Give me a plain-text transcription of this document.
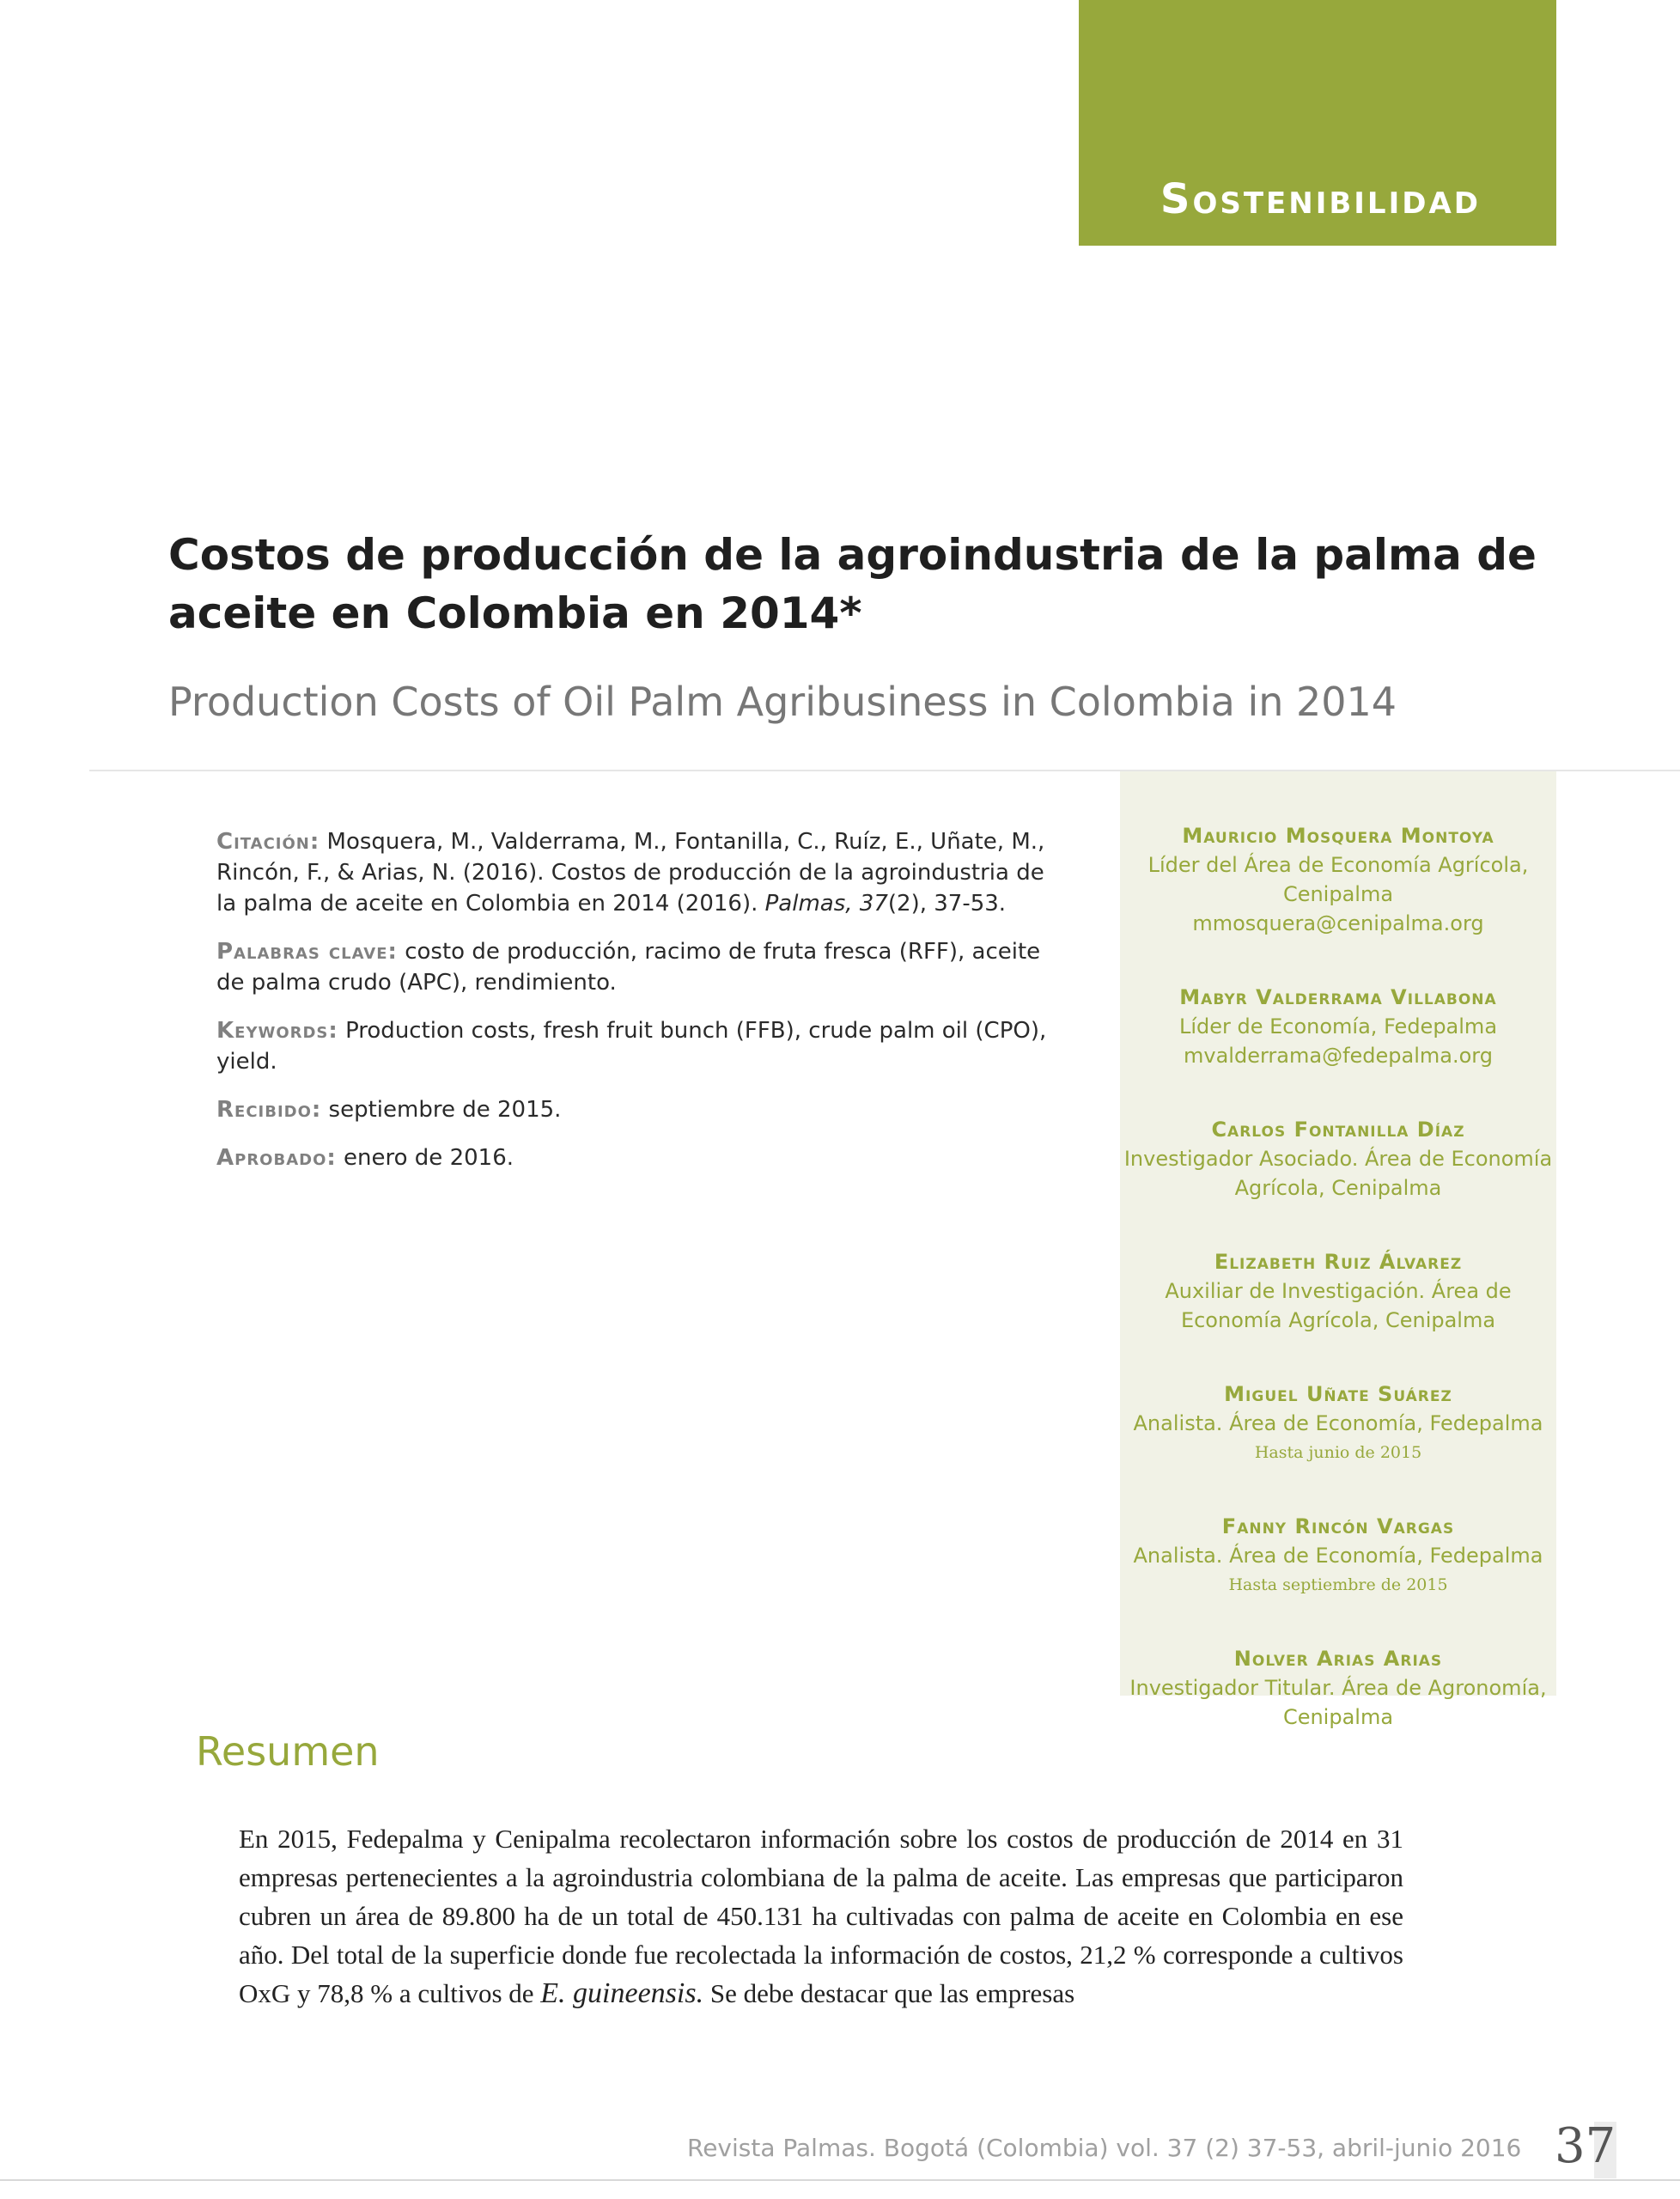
Sostenibilidad
Costos de producción de la agroindustria de la palma de aceite en Colombia en 2014*
Production Costs of Oil Palm Agribusiness in Colombia in 2014

Citación: Mosquera, M., Valderrama, M., Fontanilla, C., Ruíz, E., Uñate, M., Rincón, F., & Arias, N. (2016). Costos de producción de la agroindustria de la palma de aceite en Colombia en 2014 (2016). Palmas, 37(2), 37-53.

Palabras clave: costo de producción, racimo de fruta fresca (RFF), aceite de palma crudo (APC), rendimiento.

Keywords: Production costs, fresh fruit bunch (FFB), crude palm oil (CPO), yield.

Recibido: septiembre de 2015.

Aprobado: enero de 2016.

Mauricio Mosquera Montoya
Líder del Área de Economía Agrícola, Cenipalma
mmosquera@cenipalma.org
Mabyr Valderrama Villabona
Líder de Economía, Fedepalma
mvalderrama@fedepalma.org
Carlos Fontanilla Díaz
Investigador Asociado. Área de Economía Agrícola, Cenipalma
Elizabeth Ruiz Álvarez
Auxiliar de Investigación. Área de Economía Agrícola, Cenipalma
Miguel Uñate Suárez
Analista. Área de Economía, Fedepalma
Hasta junio de 2015
Fanny Rincón Vargas
Analista. Área de Economía, Fedepalma
Hasta septiembre de 2015
Nolver Arias Arias
Investigador Titular. Área de Agronomía, Cenipalma
Resumen

En 2015, Fedepalma y Cenipalma recolectaron información sobre los costos de producción de 2014 en 31 empresas pertenecientes a la agroindustria colombiana de la palma de aceite. Las empresas que participaron cubren un área de 89.800 ha de un total de 450.131 ha cultivadas con palma de aceite en Colombia en ese año. Del total de la superficie donde fue recolectada la información de costos, 21,2 % corresponde a cultivos OxG y 78,8 % a cultivos de E. guineensis. Se debe destacar que las empresas

Revista Palmas. Bogotá (Colombia) vol. 37 (2) 37-53, abril-junio 2016 37
